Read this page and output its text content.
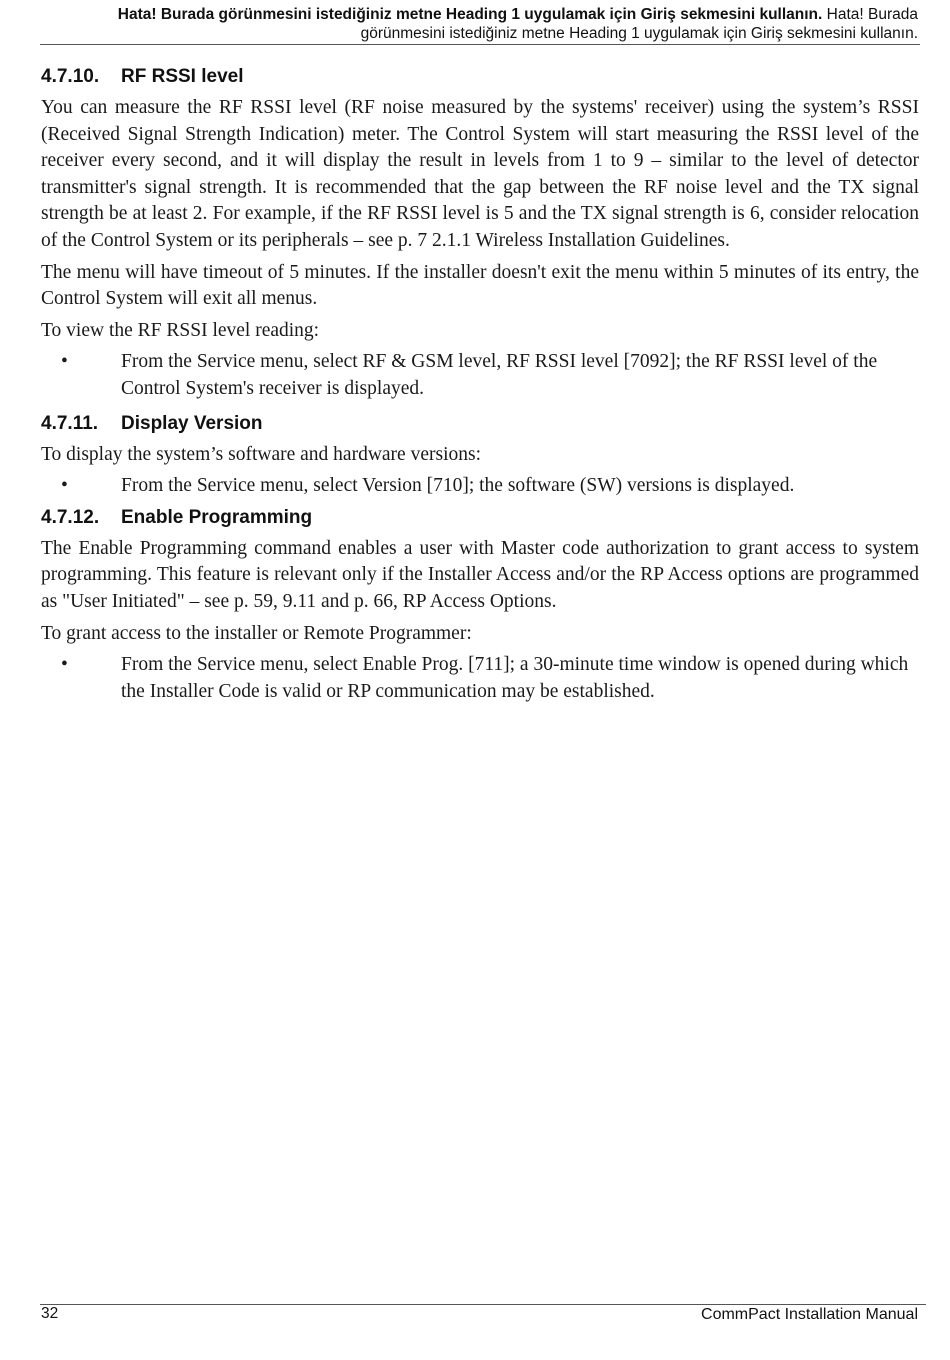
Hata! Burada görünmesini istediğiniz metne Heading 1 uygulamak için Giriş sekmesini kullanın. Hata! Burada
görünmesini istediğiniz metne Heading 1 uygulamak için Giriş sekmesini kullanın.
4.7.10. RF RSSI level

You can measure the RF RSSI level (RF noise measured by the systems' receiver) using the system’s RSSI (Received Signal Strength Indication) meter. The Control System will start measuring the RSSI level of the receiver every second, and it will display the result in levels from 1 to 9 – similar to the level of detector transmitter's signal strength. It is recommended that the gap between the RF noise level and the TX signal strength be at least 2. For example, if the RF RSSI level is 5 and the TX signal strength is 6, consider relocation of the Control System or its peripherals – see p. 7 2.1.1 Wireless Installation Guidelines.

The menu will have timeout of 5 minutes. If the installer doesn't exit the menu within 5 minutes of its entry, the Control System will exit all menus.

To view the RF RSSI level reading:

•	From the Service menu, select RF & GSM level, RF RSSI level [7092]; the RF RSSI level of the Control System's receiver is displayed.
4.7.11. Display Version

To display the system’s software and hardware versions:

•	From the Service menu, select Version [710]; the software (SW) versions is displayed.
4.7.12. Enable Programming

The Enable Programming command enables a user with Master code authorization to grant access to system programming. This feature is relevant only if the Installer Access and/or the RP Access options are programmed as "User Initiated" – see p. 59, 9.11 and p. 66, RP Access Options.

To grant access to the installer or Remote Programmer:

•	From the Service menu, select Enable Prog. [711]; a 30-minute time window is opened during which the Installer Code is valid or RP communication may be established.
32	CommPact Installation Manual
